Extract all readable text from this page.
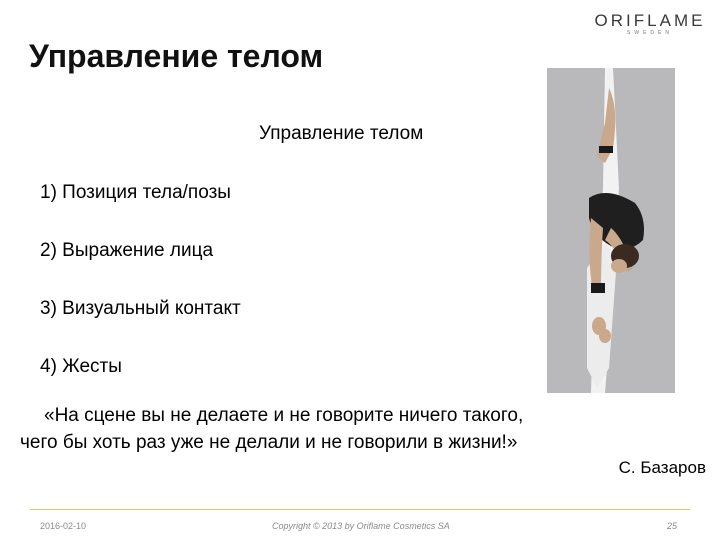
ORIFLAME
SWEDEN
Управление телом
Управление телом
1) Позиция тела/позы
2) Выражение лица
3) Визуальный контакт
4) Жесты
«На сцене вы не делаете и не говорите ничего такого,
чего бы хоть раз уже не делали и не говорили в жизни!»
С. Базаров
2016-02-10	Copyright © 2013 by Oriflame Cosmetics SA	25
